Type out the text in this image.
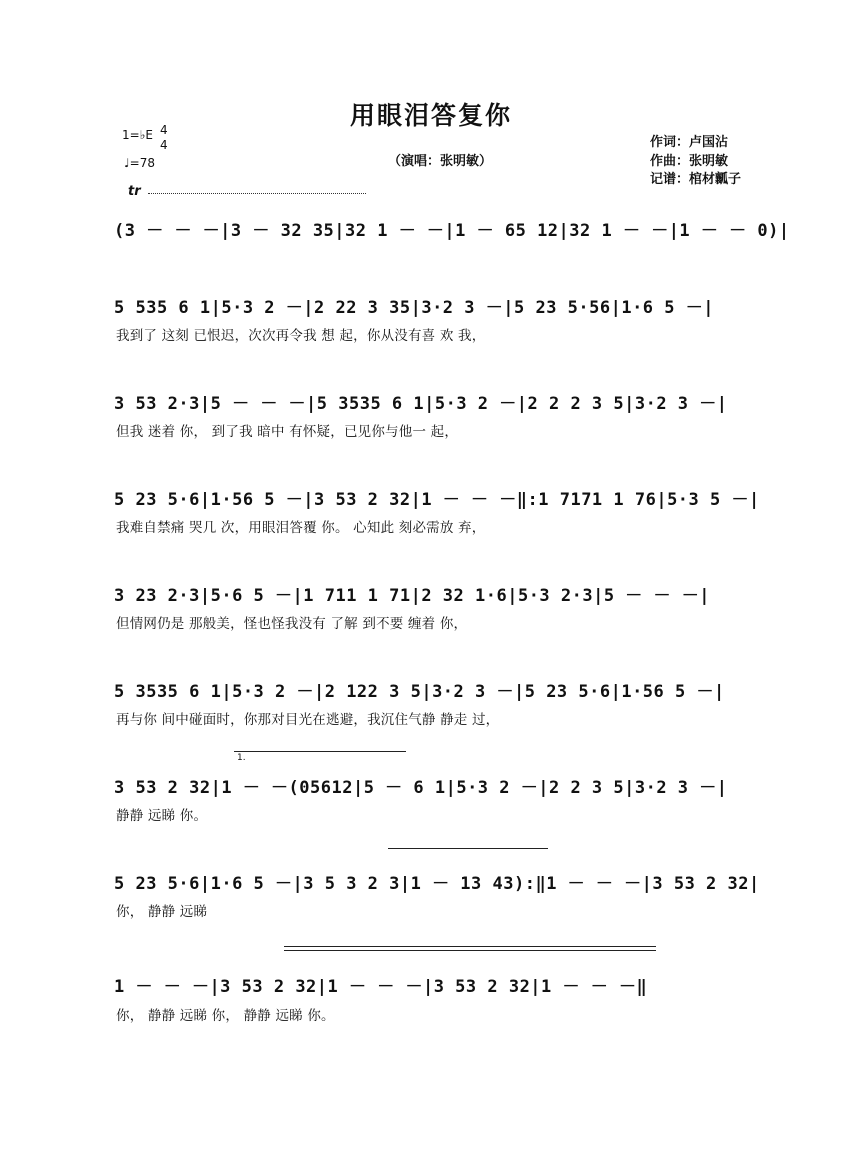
用眼泪答复你
（演唱：张明敏）
作词：卢国沾
作曲：张明敏
记谱：棺材瓤子
1=♭E 4
4
♩=78
tr
(3 － － －|3 － 32 35|32 1 － －|1 － 65 12|32 1 － －|1 － － 0)|
5 535 6 1|5·3 2 －|2 22 3 35|3·2 3 －|5 23 5·56|1·6 5 －|
我到了 这刻 已恨迟，次次再令我 想 起，你从没有喜 欢 我，
3 53 2·3|5 － － －|5 3535 6 1|5·3 2 －|2 2 2 3 5|3·2 3 －|
但我 迷着 你， 到了我 暗中 有怀疑，已见你与他一 起，
5 23 5·6|1·56 5 －|3 53 2 32|1 － － －‖:1 7171 1 76|5·3 5 －|
我难自禁痛 哭几 次，用眼泪答覆 你。 心知此 刻必需放 弃，
3 23 2·3|5·6 5 －|1 711 1 71|2 32 1·6|5·3 2·3|5 － － －|
但情网仍是 那般美，怪也怪我没有 了解 到不要 缠着 你，
5 3535 6 1|5·3 2 －|2 122 3 5|3·2 3 －|5 23 5·6|1·56 5 －|
再与你 间中碰面时，你那对目光在逃避，我沉住气静 静走 过，
1.
3 53 2 32|1 － －(05612|5 － 6 1|5·3 2 －|2 2 3 5|3·2 3 －|
静静 远睇 你。
5 23 5·6|1·6 5 －|3 5 3 2 3|1 － 13 43):‖1 － － －|3 53 2 32|
你， 静静 远睇
1 － － －|3 53 2 32|1 － － －|3 53 2 32|1 － － －‖
你， 静静 远睇 你， 静静 远睇 你。
